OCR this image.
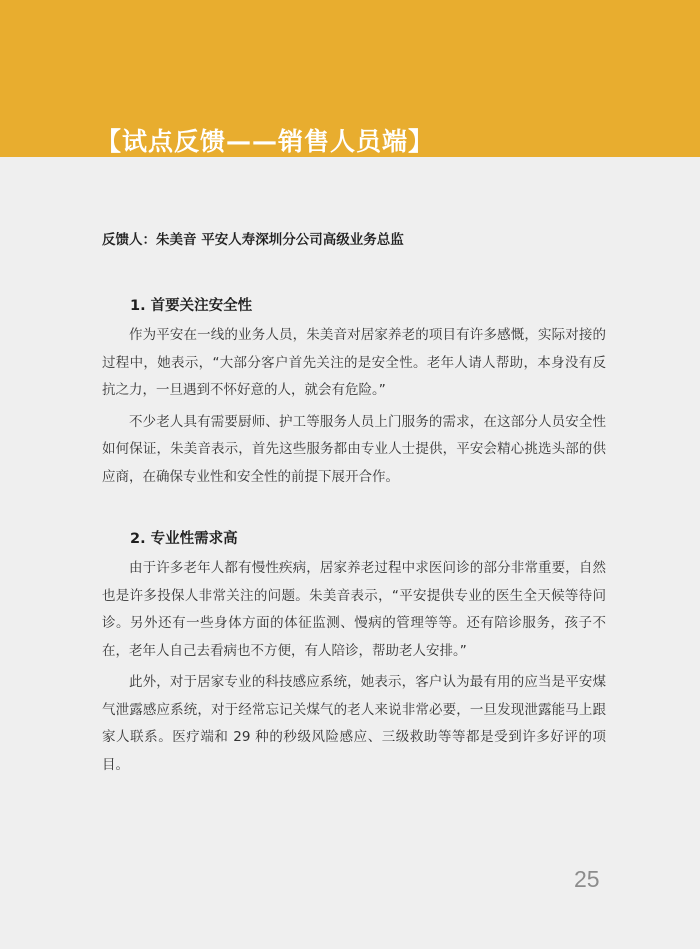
【试点反馈——销售人员端】

反馈人：朱美音 平安人寿深圳分公司高级业务总监

1. 首要关注安全性

作为平安在一线的业务人员，朱美音对居家养老的项目有许多感慨，实际对接的过程中，她表示，“大部分客户首先关注的是安全性。老年人请人帮助，本身没有反抗之力，一旦遇到不怀好意的人，就会有危险。”

不少老人具有需要厨师、护工等服务人员上门服务的需求，在这部分人员安全性如何保证，朱美音表示，首先这些服务都由专业人士提供，平安会精心挑选头部的供应商，在确保专业性和安全性的前提下展开合作。

2. 专业性需求高

由于许多老年人都有慢性疾病，居家养老过程中求医问诊的部分非常重要，自然也是许多投保人非常关注的问题。朱美音表示，“平安提供专业的医生全天候等待问诊。另外还有一些身体方面的体征监测、慢病的管理等等。还有陪诊服务，孩子不在，老年人自己去看病也不方便，有人陪诊，帮助老人安排。”

此外，对于居家专业的科技感应系统，她表示，客户认为最有用的应当是平安煤气泄露感应系统，对于经常忘记关煤气的老人来说非常必要，一旦发现泄露能马上跟家人联系。医疗端和 29 种的秒级风险感应、三级救助等等都是受到许多好评的项目。

25
